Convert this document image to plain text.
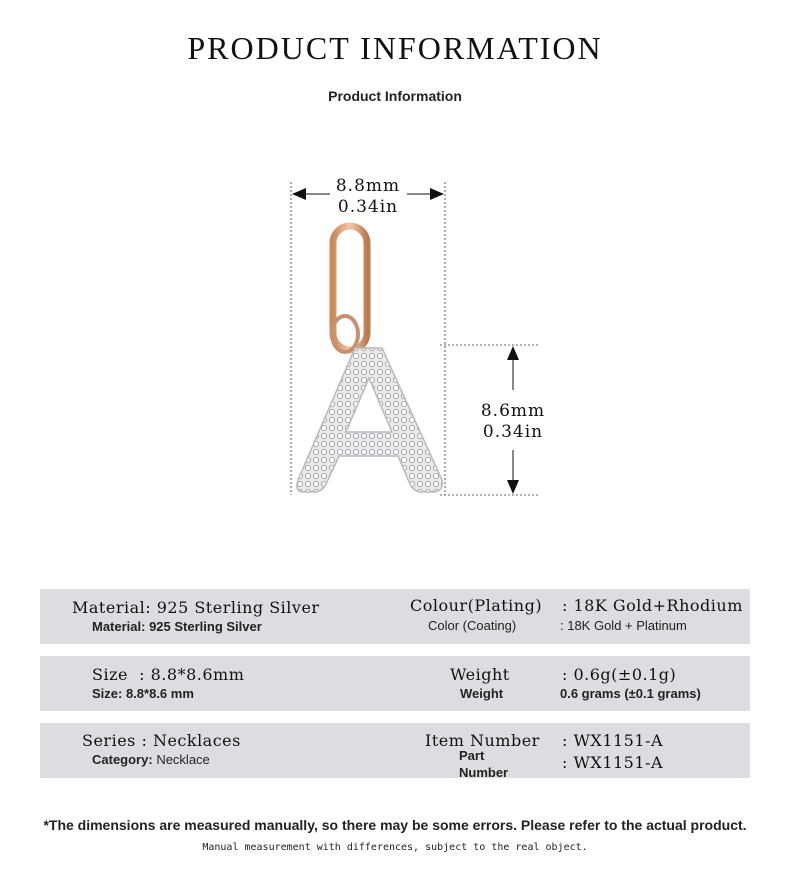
PRODUCT INFORMATION
Product Information
8.8mm
0.34in
8.6mm
0.34in
Material: 925 Sterling Silver
Material: 925 Sterling Silver
Colour(Plating) : 18K Gold+Rhodium
Color (Coating)	: 18K Gold + Platinum
Size  : 8.8*8.6mm
Size: 8.8*8.6 mm
Weight	: 0.6g(±0.1g)
Weight	0.6 grams (±0.1 grams)
Series : Necklaces
Category: Necklace
Item Number : WX1151-A
Part
Number
: WX1151-A
*The dimensions are measured manually, so there may be some errors. Please refer to the actual product.
Manual measurement with differences, subject to the real object.
